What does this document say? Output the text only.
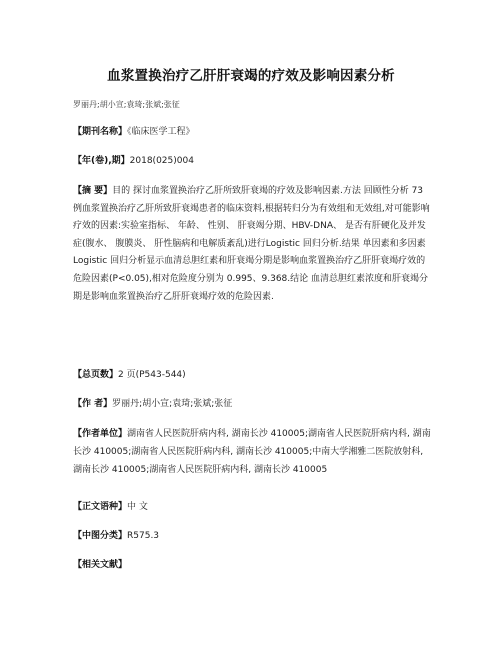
血浆置换治疗乙肝肝衰竭的疗效及影响因素分析
罗丽丹;胡小宣;袁琦;张斌;张征
【期刊名称】《临床医学工程》
【年(卷),期】2018(025)004
【摘 要】目的 探讨血浆置换治疗乙肝所致肝衰竭的疗效及影响因素.方法 回顾性分析 73 例血浆置换治疗乙肝所致肝衰竭患者的临床资料,根据转归分为有效组和无效组,对可能影响疗效的因素:实验室指标、 年龄、 性别、 肝衰竭分期、HBV-DNA、 是否有肝硬化及并发症(腹水、 腹膜炎、 肝性脑病和电解质紊乱)进行Logistic 回归分析.结果 单因素和多因素 Logistic 回归分析显示血清总胆红素和肝衰竭分期是影响血浆置换治疗乙肝肝衰竭疗效的危险因素(P<0.05),相对危险度分别为 0.995、9.368.结论 血清总胆红素浓度和肝衰竭分期是影响血浆置换治疗乙肝肝衰竭疗效的危险因素.
【总页数】2 页(P543-544)
【作 者】罗丽丹;胡小宣;袁琦;张斌;张征
【作者单位】湖南省人民医院肝病内科, 湖南长沙 410005;湖南省人民医院肝病内科, 湖南长沙 410005;湖南省人民医院肝病内科, 湖南长沙 410005;中南大学湘雅二医院放射科, 湖南长沙 410005;湖南省人民医院肝病内科, 湖南长沙 410005
【正文语种】中 文
【中图分类】R575.3
【相关文献】
